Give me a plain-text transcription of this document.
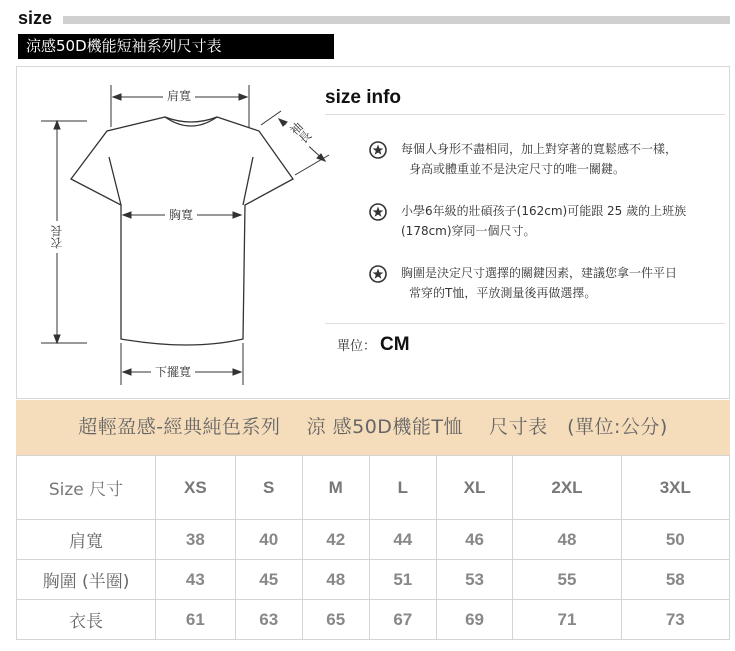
size
涼感50D機能短袖系列尺寸表
肩寬
袖長
胸寬
衣長
下擺寬
size info
每個人身形不盡相同，加上對穿著的寬鬆感不一樣，
身高或體重並不是決定尺寸的唯一關鍵。
小學6年級的壯碩孩子(162cm)可能跟 25 歲的上班族
(178cm)穿同一個尺寸。
胸圍是決定尺寸選擇的關鍵因素，建議您拿一件平日
常穿的T恤，平放測量後再做選擇。
單位： CM
超輕盈感-經典純色系列　 涼 感50D機能T恤　 尺寸表　(單位:公分)
Size 尺寸	XS	S	M	L	XL	2XL	3XL
肩寬	38	40	42	44	46	48	50
胸圍 (半圈)	43	45	48	51	53	55	58
衣長	61	63	65	67	69	71	73
